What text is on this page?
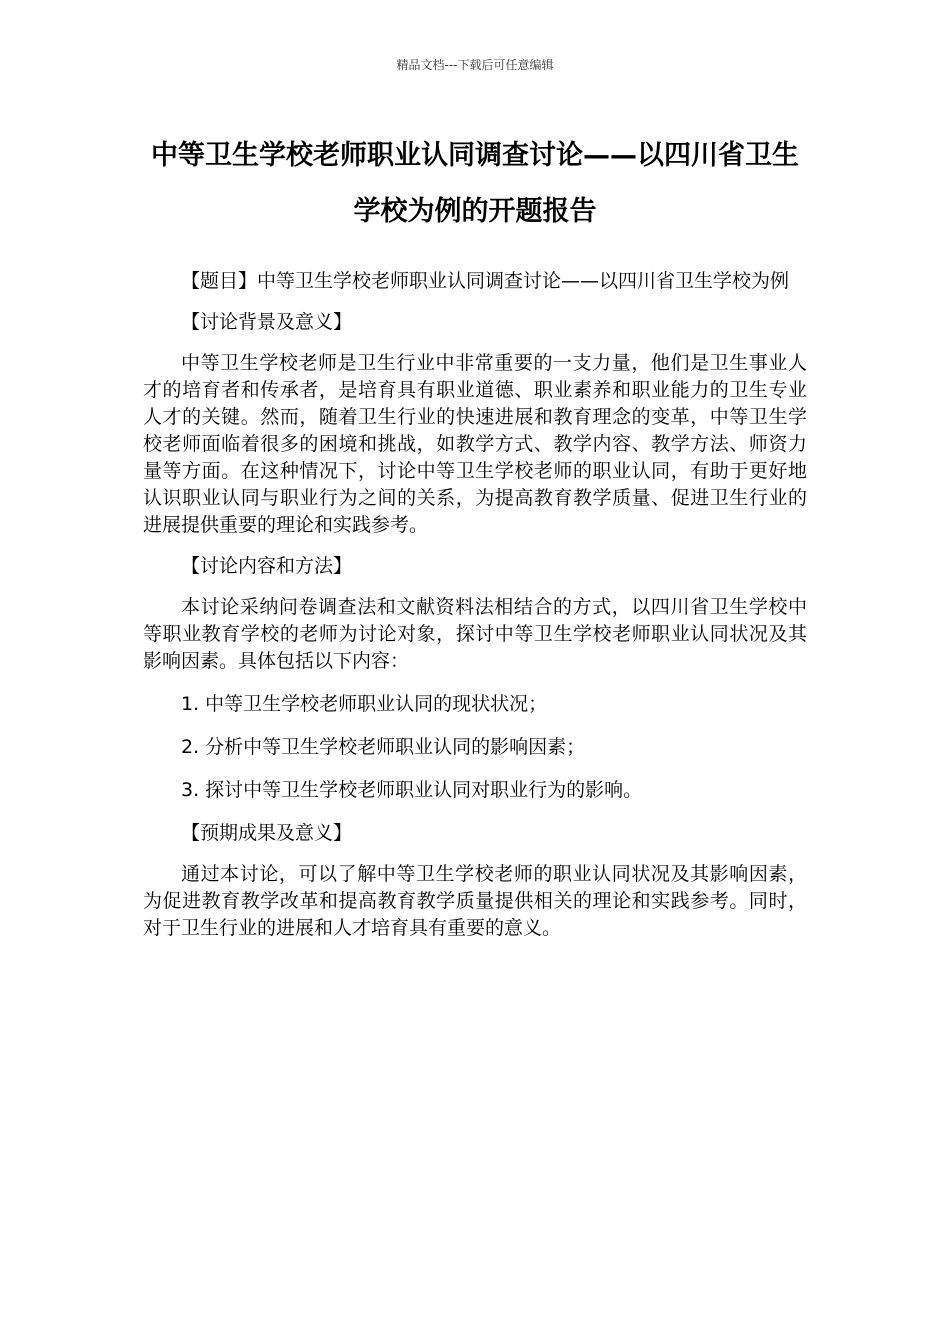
精品文档---下载后可任意编辑
中等卫生学校老师职业认同调查讨论——以四川省卫生学校为例的开题报告

【题目】中等卫生学校老师职业认同调查讨论——以四川省卫生学校为例

【讨论背景及意义】

中等卫生学校老师是卫生行业中非常重要的一支力量，他们是卫生事业人才的培育者和传承者，是培育具有职业道德、职业素养和职业能力的卫生专业人才的关键。然而，随着卫生行业的快速进展和教育理念的变革，中等卫生学校老师面临着很多的困境和挑战，如教学方式、教学内容、教学方法、师资力量等方面。在这种情况下，讨论中等卫生学校老师的职业认同，有助于更好地认识职业认同与职业行为之间的关系，为提高教育教学质量、促进卫生行业的进展提供重要的理论和实践参考。

【讨论内容和方法】

本讨论采纳问卷调查法和文献资料法相结合的方式，以四川省卫生学校中等职业教育学校的老师为讨论对象，探讨中等卫生学校老师职业认同状况及其影响因素。具体包括以下内容：

1. 中等卫生学校老师职业认同的现状状况；

2. 分析中等卫生学校老师职业认同的影响因素；

3. 探讨中等卫生学校老师职业认同对职业行为的影响。

【预期成果及意义】

通过本讨论，可以了解中等卫生学校老师的职业认同状况及其影响因素，为促进教育教学改革和提高教育教学质量提供相关的理论和实践参考。同时，对于卫生行业的进展和人才培育具有重要的意义。
